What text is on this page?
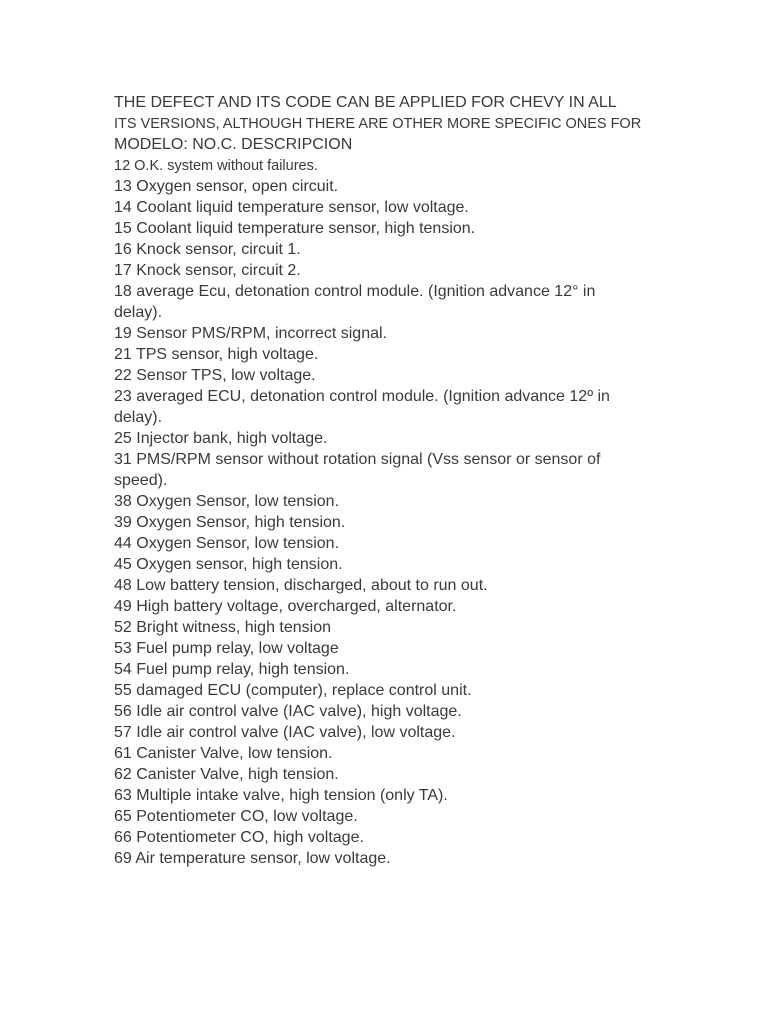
THE DEFECT AND ITS CODE CAN BE APPLIED FOR CHEVY IN ALL
ITS VERSIONS, ALTHOUGH THERE ARE OTHER MORE SPECIFIC ONES FOR
MODELO: NO.C. DESCRIPCION
12 O.K. system without failures.
13 Oxygen sensor, open circuit.
14 Coolant liquid temperature sensor, low voltage.
15 Coolant liquid temperature sensor, high tension.
16 Knock sensor, circuit 1.
17 Knock sensor, circuit 2.
18 average Ecu, detonation control module. (Ignition advance 12° in delay).
19 Sensor PMS/RPM, incorrect signal.
21 TPS sensor, high voltage.
22 Sensor TPS, low voltage.
23 averaged ECU, detonation control module. (Ignition advance 12º in delay).
25 Injector bank, high voltage.
31 PMS/RPM sensor without rotation signal (Vss sensor or sensor of speed).
38 Oxygen Sensor, low tension.
39 Oxygen Sensor, high tension.
44 Oxygen Sensor, low tension.
45 Oxygen sensor, high tension.
48 Low battery tension, discharged, about to run out.
49 High battery voltage, overcharged, alternator.
52 Bright witness, high tension
53 Fuel pump relay, low voltage
54 Fuel pump relay, high tension.
55 damaged ECU (computer), replace control unit.
56 Idle air control valve (IAC valve), high voltage.
57 Idle air control valve (IAC valve), low voltage.
61 Canister Valve, low tension.
62 Canister Valve, high tension.
63 Multiple intake valve, high tension (only TA).
65 Potentiometer CO, low voltage.
66 Potentiometer CO, high voltage.
69 Air temperature sensor, low voltage.
